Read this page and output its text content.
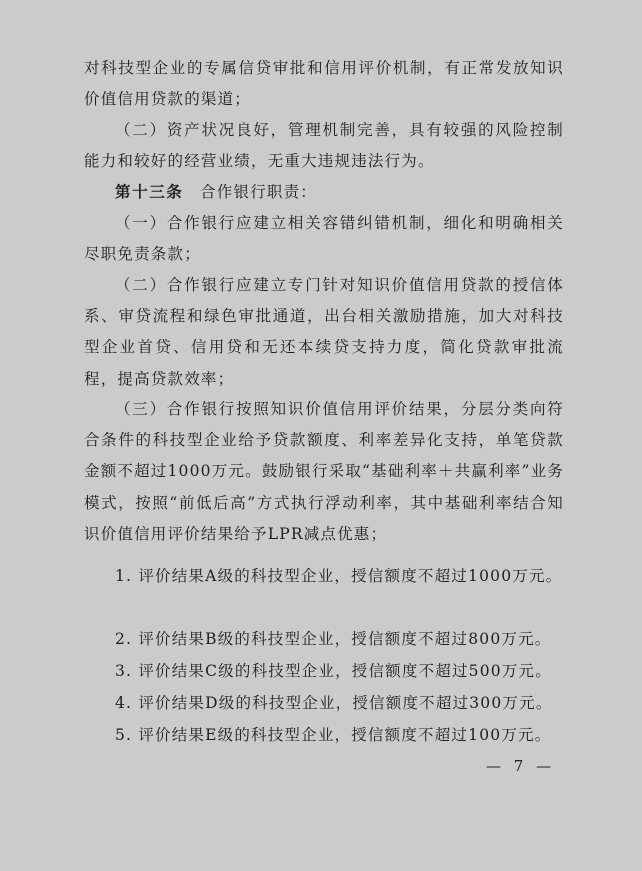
对科技型企业的专属信贷审批和信用评价机制，有正常发放知识价值信用贷款的渠道；

（二）资产状况良好，管理机制完善，具有较强的风险控制能力和较好的经营业绩，无重大违规违法行为。

第十三条　 合作银行职责：

（一）合作银行应建立相关容错纠错机制，细化和明确相关尽职免责条款；

（二）合作银行应建立专门针对知识价值信用贷款的授信体系、审贷流程和绿色审批通道，出台相关激励措施，加大对科技型企业首贷、信用贷和无还本续贷支持力度，简化贷款审批流程，提高贷款效率；

（三）合作银行按照知识价值信用评价结果，分层分类向符合条件的科技型企业给予贷款额度、利率差异化支持，单笔贷款金额不超过1000万元。鼓励银行采取“基础利率＋共赢利率”业务模式，按照“前低后高”方式执行浮动利率，其中基础利率结合知识价值信用评价结果给予LPR减点优惠；

1. 评价结果A级的科技型企业，授信额度不超过1000万元。

2. 评价结果B级的科技型企业，授信额度不超过800万元。

3. 评价结果C级的科技型企业，授信额度不超过500万元。

4. 评价结果D级的科技型企业，授信额度不超过300万元。

5. 评价结果E级的科技型企业，授信额度不超过100万元。

— 7 —
